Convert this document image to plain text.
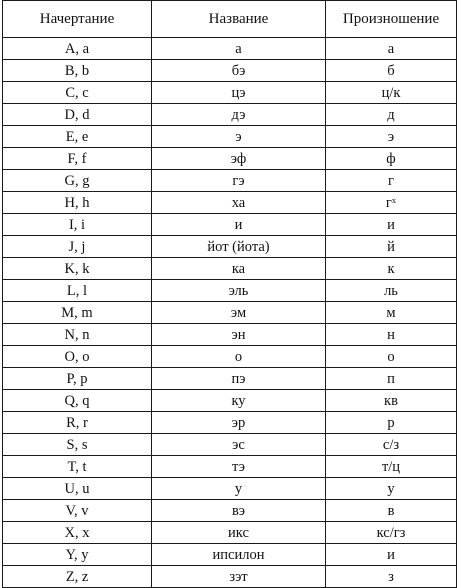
Начертание	Название	Произношение
A, a	а	а
B, b	бэ	б
C, c	цэ	ц/к
D, d	дэ	д
E, e	э	э
F, f	эф	ф
G, g	гэ	г
H, h	ха	гˣ
I, i	и	и
J, j	йот (йота)	й
K, k	ка	к
L, l	эль	ль
M, m	эм	м
N, n	эн	н
O, o	о	о
P, p	пэ	п
Q, q	ку	кв
R, r	эр	р
S, s	эс	с/з
T, t	тэ	т/ц
U, u	у	у
V, v	вэ	в
X, x	икс	кс/гз
Y, y	ипсилон	и
Z, z	зэт	з
